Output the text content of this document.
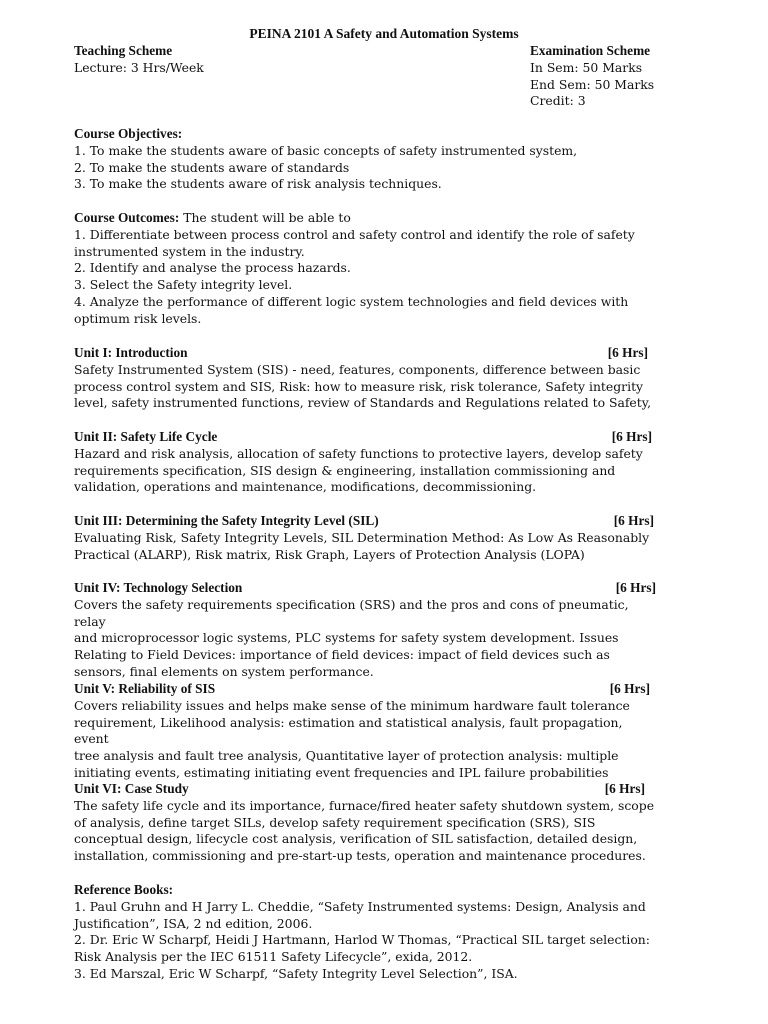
PEINA 2101 A Safety and Automation Systems
Teaching Scheme	Examination Scheme
Lecture: 3 Hrs/Week	In Sem: 50 Marks
End Sem: 50 Marks
Credit: 3

Course Objectives:

1. To make the students aware of basic concepts of safety instrumented system,

2. To make the students aware of standards

3. To make the students aware of risk analysis techniques.

Course Outcomes: The student will be able to

1. Differentiate between process control and safety control and identify the role of safety

instrumented system in the industry.

2. Identify and analyse the process hazards.

3. Select the Safety integrity level.

4. Analyze the performance of different logic system technologies and field devices with

optimum risk levels.

Unit I: Introduction	[6 Hrs]

Safety Instrumented System (SIS) - need, features, components, difference between basic

process control system and SIS, Risk: how to measure risk, risk tolerance, Safety integrity

level, safety instrumented functions, review of Standards and Regulations related to Safety,

Unit II: Safety Life Cycle	[6 Hrs]

Hazard and risk analysis, allocation of safety functions to protective layers, develop safety

requirements specification, SIS design & engineering, installation commissioning and

validation, operations and maintenance, modifications, decommissioning.

Unit III: Determining the Safety Integrity Level (SIL)	[6 Hrs]

Evaluating Risk, Safety Integrity Levels, SIL Determination Method: As Low As Reasonably

Practical (ALARP), Risk matrix, Risk Graph, Layers of Protection Analysis (LOPA)

Unit IV: Technology Selection	[6 Hrs]

Covers the safety requirements specification (SRS) and the pros and cons of pneumatic, relay

and microprocessor logic systems, PLC systems for safety system development. Issues

Relating to Field Devices: importance of field devices: impact of field devices such as

sensors, final elements on system performance.

Unit V: Reliability of SIS	[6 Hrs]

Covers reliability issues and helps make sense of the minimum hardware fault tolerance

requirement, Likelihood analysis: estimation and statistical analysis, fault propagation, event

tree analysis and fault tree analysis, Quantitative layer of protection analysis: multiple

initiating events, estimating initiating event frequencies and IPL failure probabilities

Unit VI: Case Study	[6 Hrs]

The safety life cycle and its importance, furnace/fired heater safety shutdown system, scope

of analysis, define target SILs, develop safety requirement specification (SRS), SIS

conceptual design, lifecycle cost analysis, verification of SIL satisfaction, detailed design,

installation, commissioning and pre-start-up tests, operation and maintenance procedures.

Reference Books:

1. Paul Gruhn and H Jarry L. Cheddie, “Safety Instrumented systems: Design, Analysis and

Justification”, ISA, 2 nd edition, 2006.

2. Dr. Eric W Scharpf, Heidi J Hartmann, Harlod W Thomas, “Practical SIL target selection:

Risk Analysis per the IEC 61511 Safety Lifecycle”, exida, 2012.

3. Ed Marszal, Eric W Scharpf, “Safety Integrity Level Selection”, ISA.
